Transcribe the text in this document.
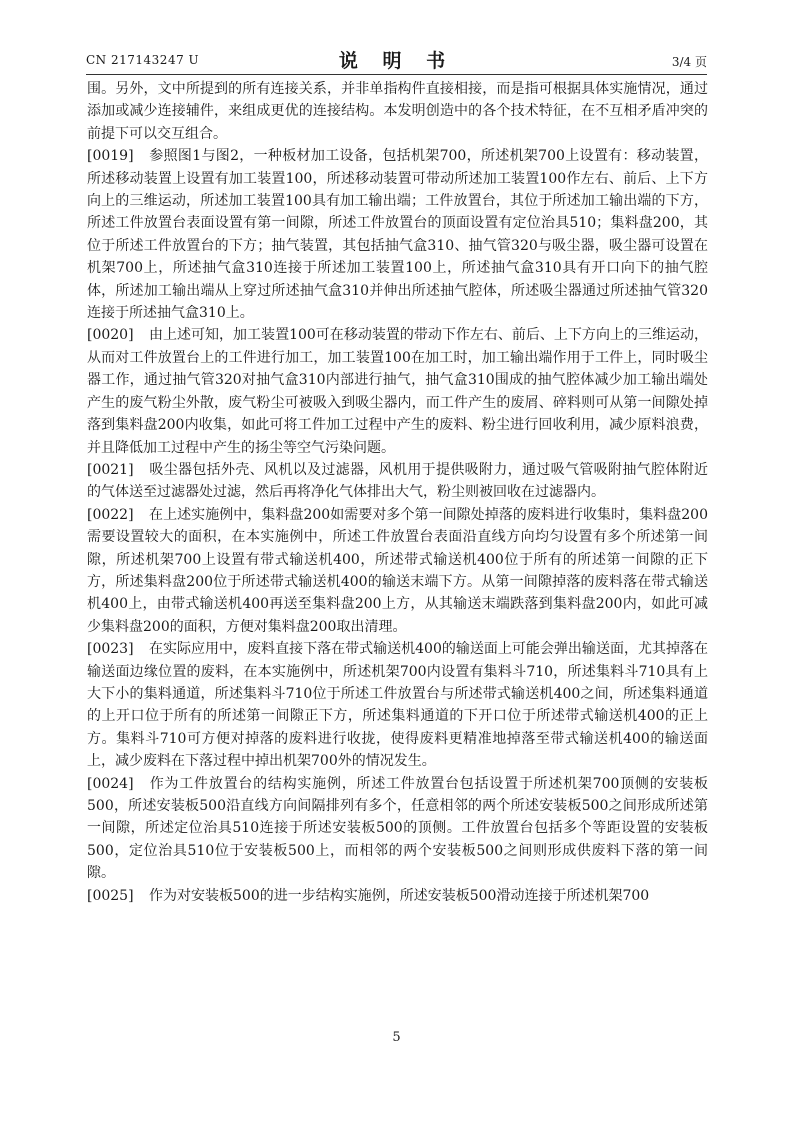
CN 217143247 U	说 明 书	3/4 页

围。另外，文中所提到的所有连接关系，并非单指构件直接相接，而是指可根据具体实施情况，通过添加或减少连接辅件，来组成更优的连接结构。本发明创造中的各个技术特征，在不互相矛盾冲突的前提下可以交互组合。

[0019] 参照图1与图2，一种板材加工设备，包括机架700，所述机架700上设置有：移动装置，所述移动装置上设置有加工装置100，所述移动装置可带动所述加工装置100作左右、前后、上下方向上的三维运动，所述加工装置100具有加工输出端；工件放置台，其位于所述加工输出端的下方，所述工件放置台表面设置有第一间隙，所述工件放置台的顶面设置有定位治具510；集料盘200，其位于所述工件放置台的下方；抽气装置，其包括抽气盒310、抽气管320与吸尘器，吸尘器可设置在机架700上，所述抽气盒310连接于所述加工装置100上，所述抽气盒310具有开口向下的抽气腔体，所述加工输出端从上穿过所述抽气盒310并伸出所述抽气腔体，所述吸尘器通过所述抽气管320连接于所述抽气盒310上。

[0020] 由上述可知，加工装置100可在移动装置的带动下作左右、前后、上下方向上的三维运动，从而对工件放置台上的工件进行加工，加工装置100在加工时，加工输出端作用于工件上，同时吸尘器工作，通过抽气管320对抽气盒310内部进行抽气，抽气盒310围成的抽气腔体减少加工输出端处产生的废气粉尘外散，废气粉尘可被吸入到吸尘器内，而工件产生的废屑、碎料则可从第一间隙处掉落到集料盘200内收集，如此可将工件加工过程中产生的废料、粉尘进行回收利用，减少原料浪费，并且降低加工过程中产生的扬尘等空气污染问题。

[0021] 吸尘器包括外壳、风机以及过滤器，风机用于提供吸附力，通过吸气管吸附抽气腔体附近的气体送至过滤器处过滤，然后再将净化气体排出大气，粉尘则被回收在过滤器内。

[0022] 在上述实施例中，集料盘200如需要对多个第一间隙处掉落的废料进行收集时，集料盘200需要设置较大的面积，在本实施例中，所述工件放置台表面沿直线方向均匀设置有多个所述第一间隙，所述机架700上设置有带式输送机400，所述带式输送机400位于所有的所述第一间隙的正下方，所述集料盘200位于所述带式输送机400的输送末端下方。从第一间隙掉落的废料落在带式输送机400上，由带式输送机400再送至集料盘200上方，从其输送末端跌落到集料盘200内，如此可减少集料盘200的面积，方便对集料盘200取出清理。

[0023] 在实际应用中，废料直接下落在带式输送机400的输送面上可能会弹出输送面，尤其掉落在输送面边缘位置的废料，在本实施例中，所述机架700内设置有集料斗710，所述集料斗710具有上大下小的集料通道，所述集料斗710位于所述工件放置台与所述带式输送机400之间，所述集料通道的上开口位于所有的所述第一间隙正下方，所述集料通道的下开口位于所述带式输送机400的正上方。集料斗710可方便对掉落的废料进行收拢，使得废料更精准地掉落至带式输送机400的输送面上，减少废料在下落过程中掉出机架700外的情况发生。

[0024] 作为工件放置台的结构实施例，所述工件放置台包括设置于所述机架700顶侧的安装板500，所述安装板500沿直线方向间隔排列有多个，任意相邻的两个所述安装板500之间形成所述第一间隙，所述定位治具510连接于所述安装板500的顶侧。工件放置台包括多个等距设置的安装板500，定位治具510位于安装板500上，而相邻的两个安装板500之间则形成供废料下落的第一间隙。

[0025] 作为对安装板500的进一步结构实施例，所述安装板500滑动连接于所述机架700

5
